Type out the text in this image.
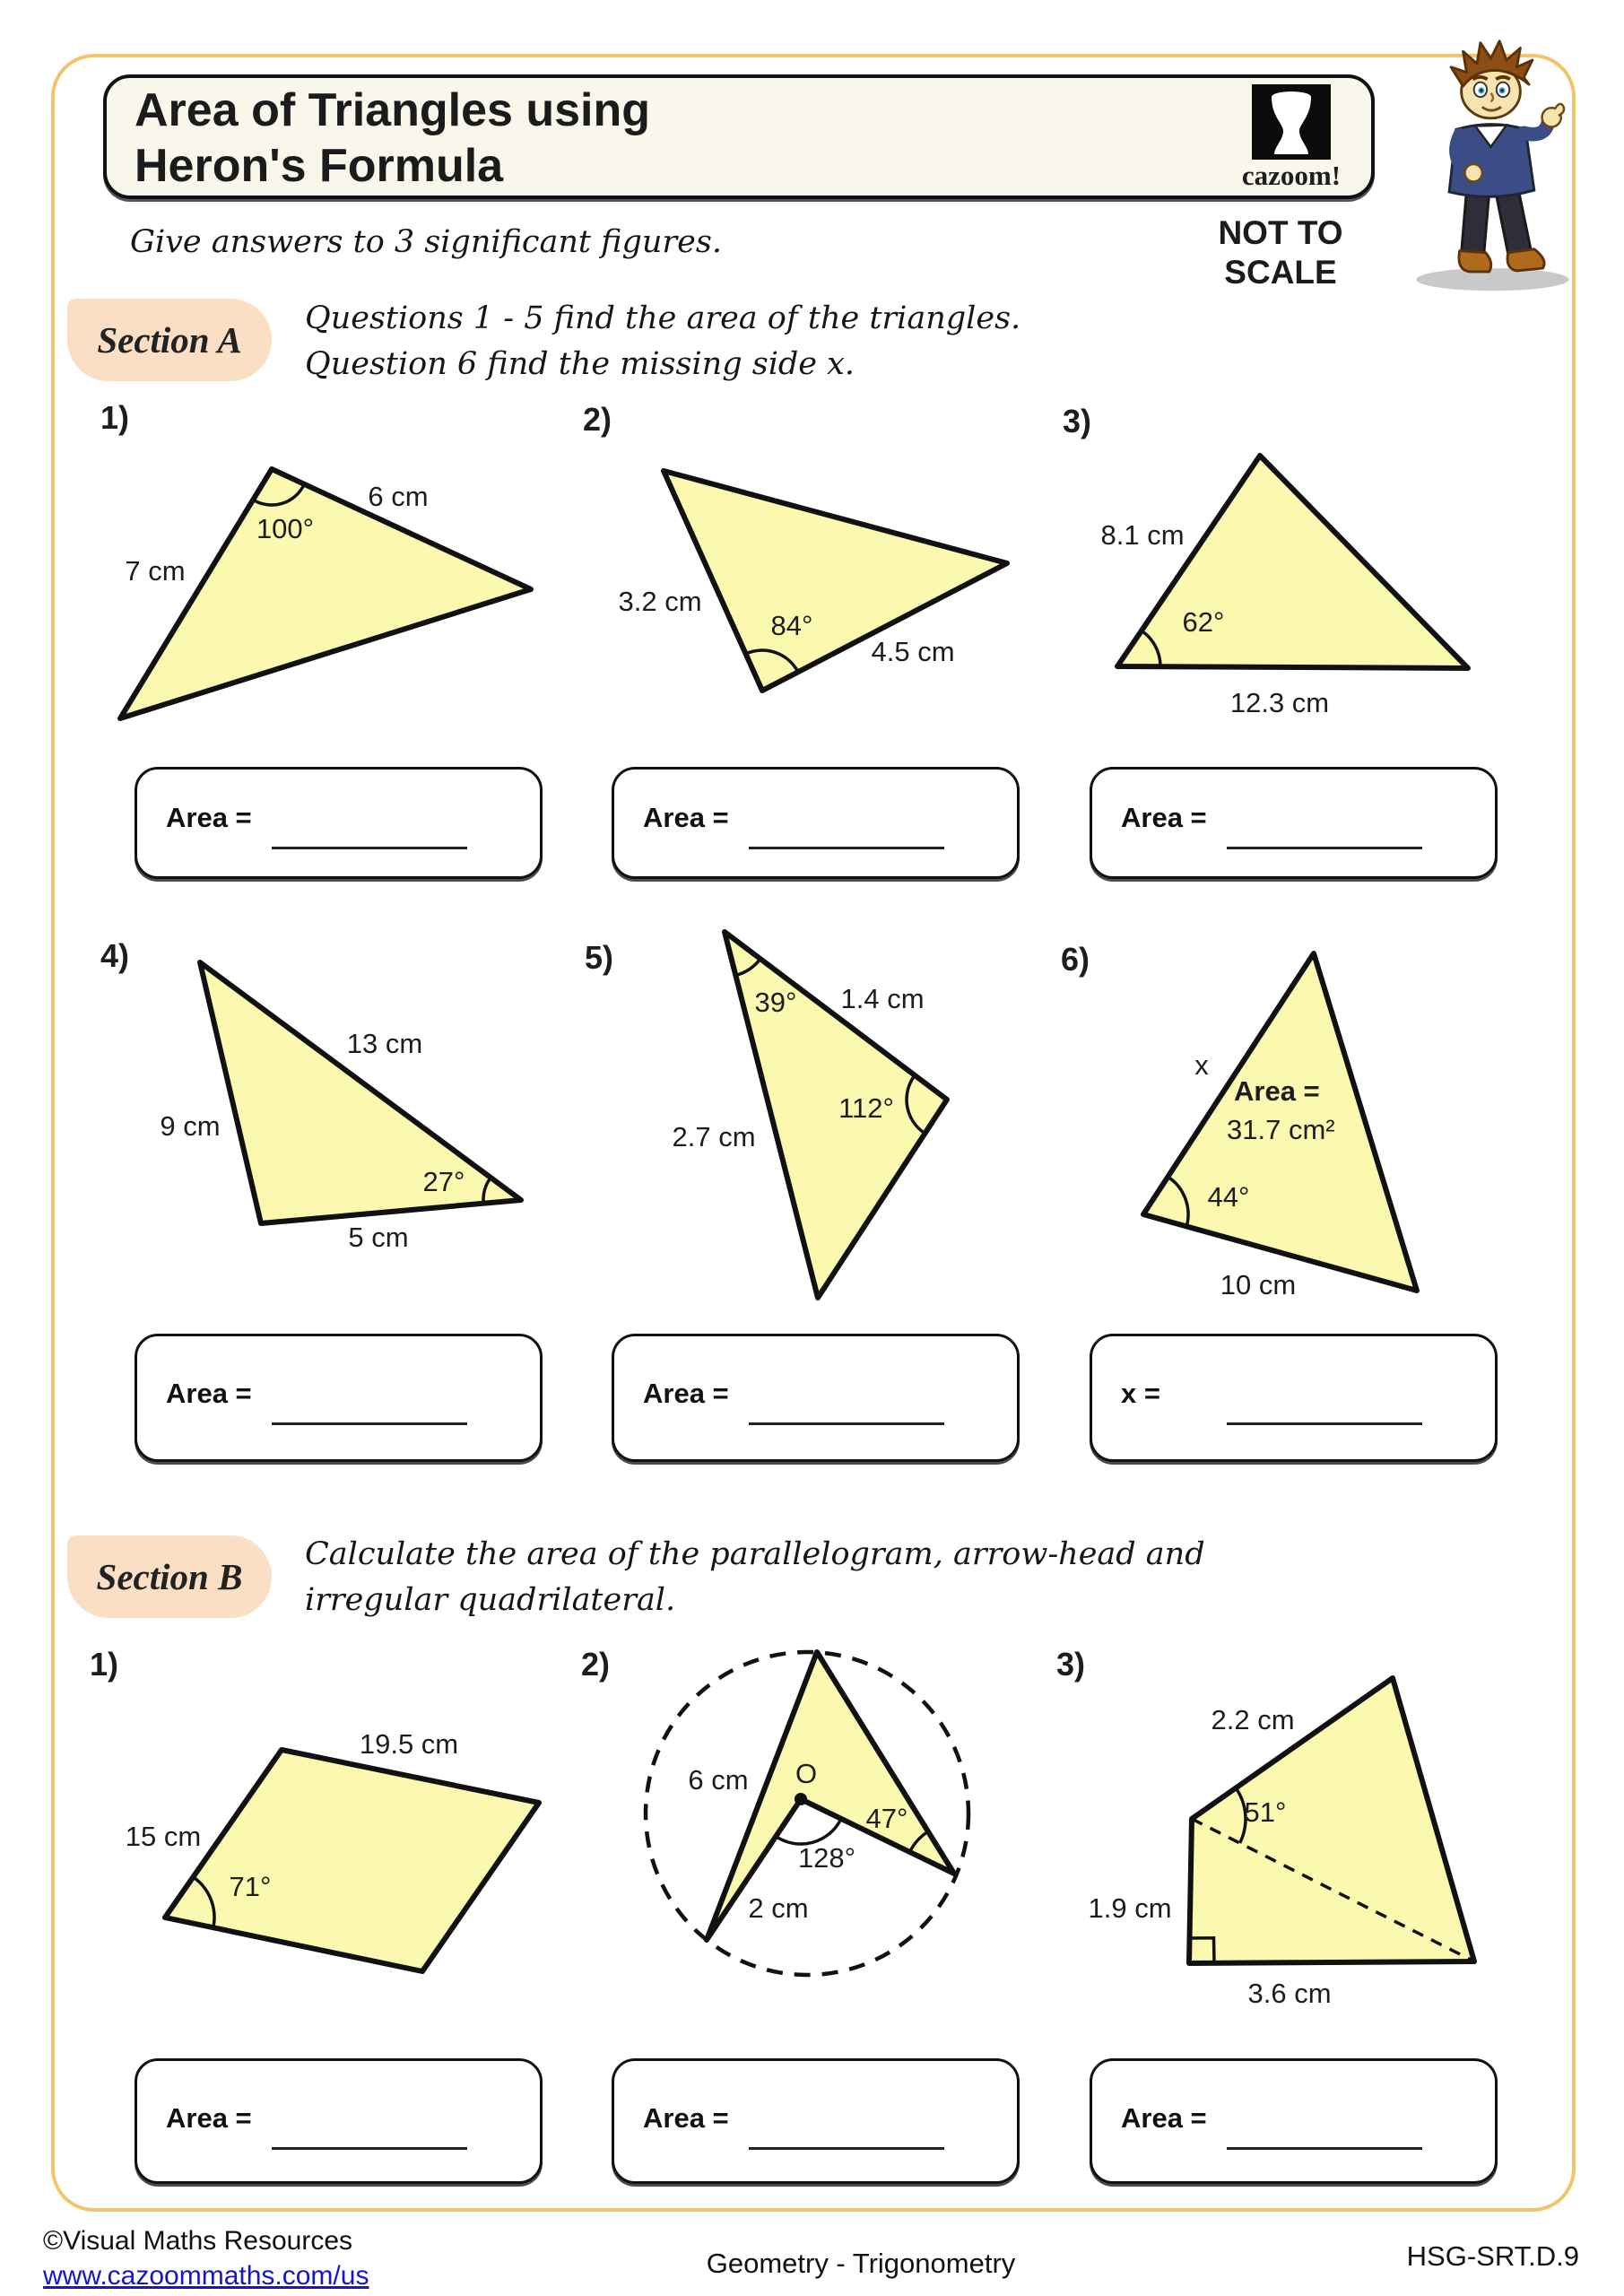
Area of Triangles using
Heron's Formula	cazoom!
NOT TO
SCALE
Give answers to 3 significant figures.
Section A
Questions 1 - 5 find the area of the triangles.
Question 6 find the missing side x.
1)	2)	3)
6 cm
7 cm
100°
3.2 cm
84°
4.5 cm
8.1 cm
62°
12.3 cm
Area =	Area =	Area =
4)	5)	6)
13 cm
9 cm
27°
5 cm
39° 1.4 cm
112°
2.7 cm
x
Area =
31.7 cm²
44°
10 cm
Area =	Area =	x =
Section B
Calculate the area of the parallelogram, arrow-head and
irregular quadrilateral.
1)	2)	3)
19.5 cm
15 cm
71°
6 cm O
47°
128°
2 cm
2.2 cm
51°
1.9 cm
3.6 cm
Area =	Area =	Area =
©Visual Maths Resources
www.cazoommaths.com/us	Geometry - Trigonometry	HSG-SRT.D.9
